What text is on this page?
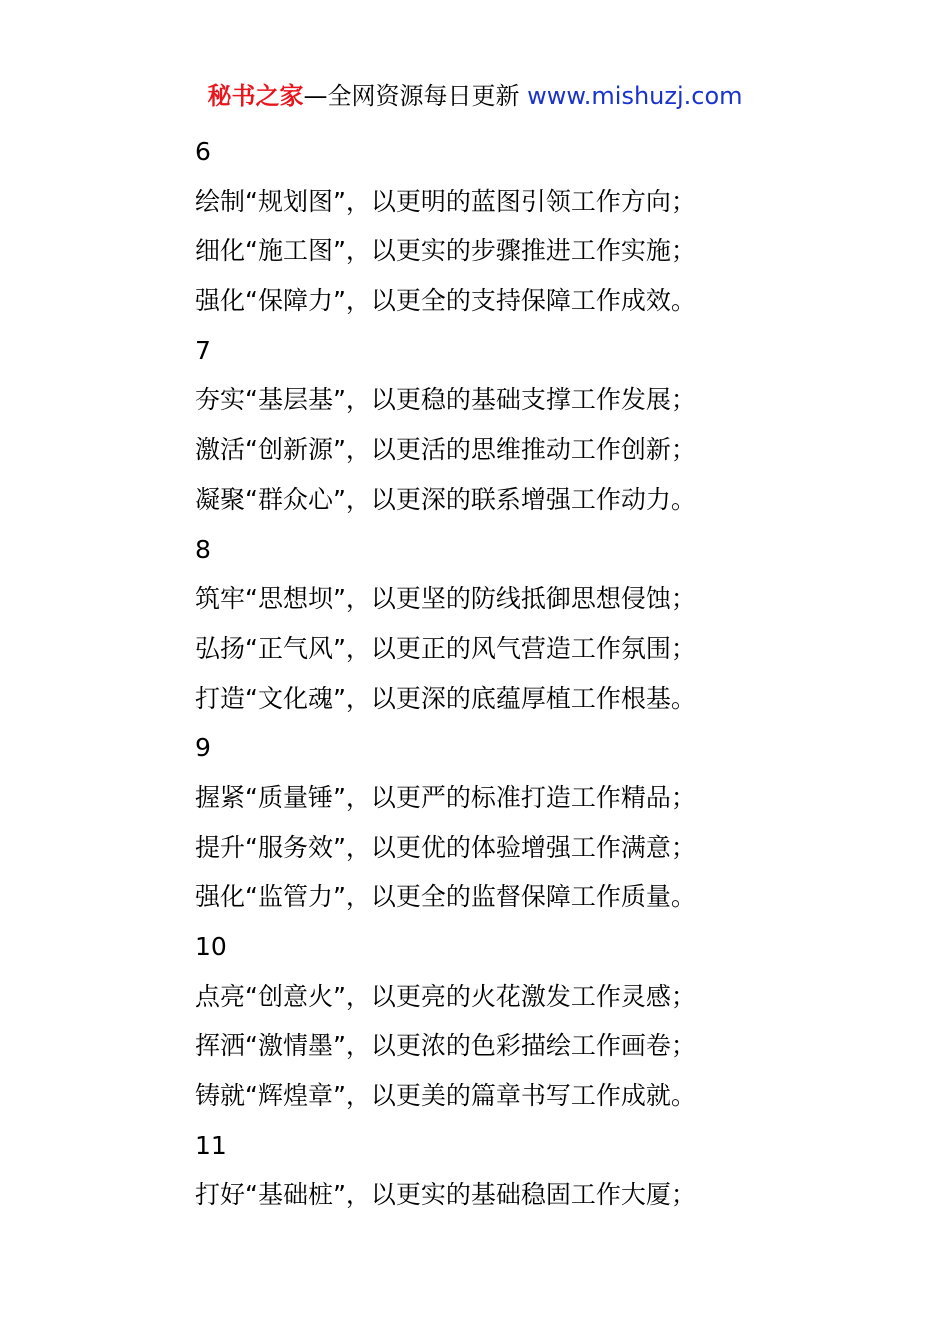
秘书之家—全网资源每日更新 www.mishuzj.com
6
绘制“规划图”，以更明的蓝图引领工作方向；
细化“施工图”，以更实的步骤推进工作实施；
强化“保障力”，以更全的支持保障工作成效。
7
夯实“基层基”，以更稳的基础支撑工作发展；
激活“创新源”，以更活的思维推动工作创新；
凝聚“群众心”，以更深的联系增强工作动力。
8
筑牢“思想坝”，以更坚的防线抵御思想侵蚀；
弘扬“正气风”，以更正的风气营造工作氛围；
打造“文化魂”，以更深的底蕴厚植工作根基。
9
握紧“质量锤”，以更严的标准打造工作精品；
提升“服务效”，以更优的体验增强工作满意；
强化“监管力”，以更全的监督保障工作质量。
10
点亮“创意火”，以更亮的火花激发工作灵感；
挥洒“激情墨”，以更浓的色彩描绘工作画卷；
铸就“辉煌章”，以更美的篇章书写工作成就。
11
打好“基础桩”，以更实的基础稳固工作大厦；
